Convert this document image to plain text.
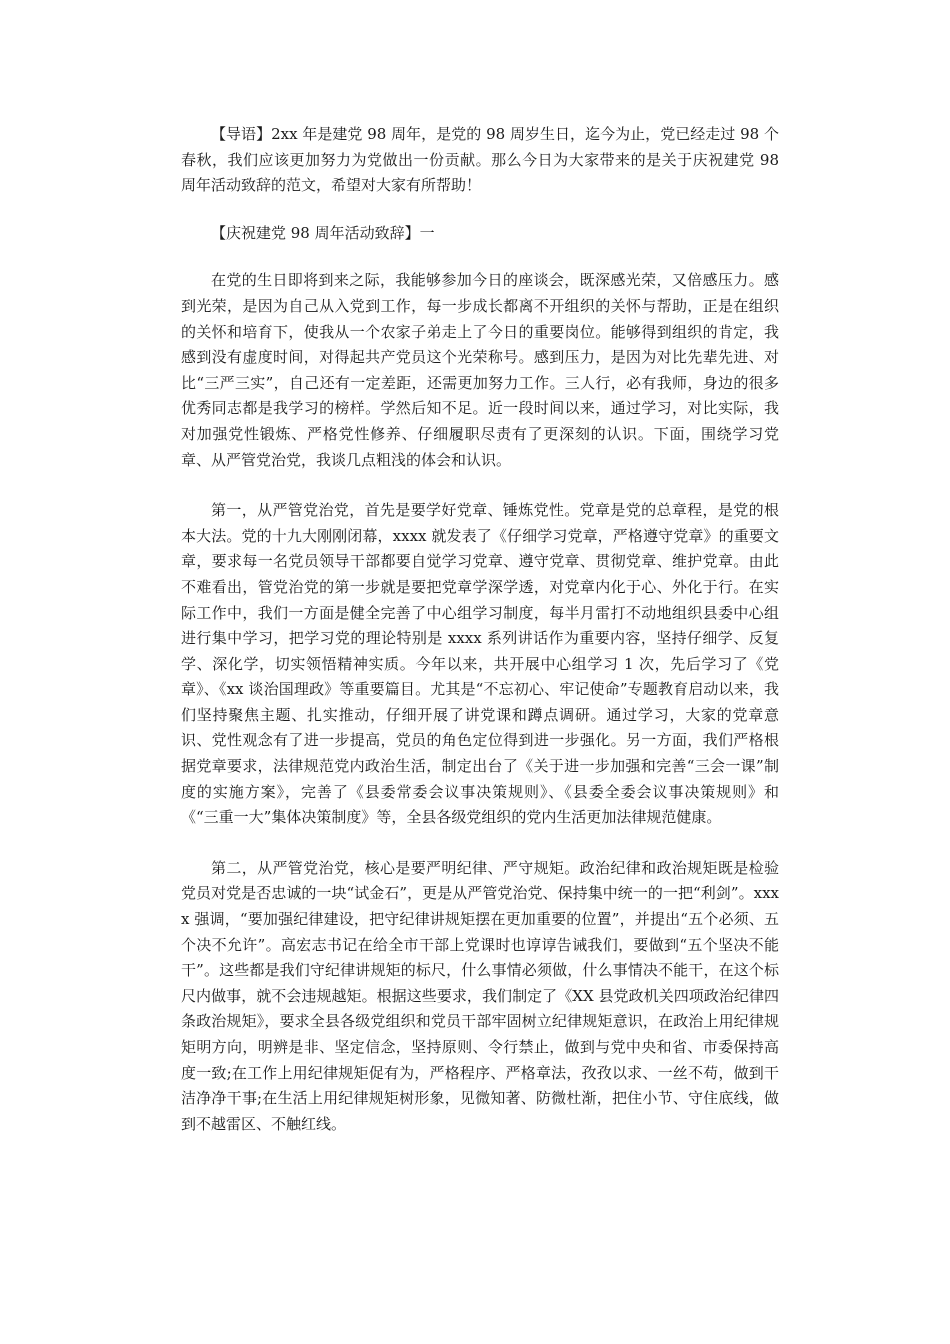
【导语】2xx 年是建党 98 周年，是党的 98 周岁生日，迄今为止，党已经走过 98 个春秋，我们应该更加努力为党做出一份贡献。那么今日为大家带来的是关于庆祝建党 98 周年活动致辞的范文，希望对大家有所帮助！

【庆祝建党 98 周年活动致辞】一

在党的生日即将到来之际，我能够参加今日的座谈会，既深感光荣，又倍感压力。感到光荣，是因为自己从入党到工作，每一步成长都离不开组织的关怀与帮助，正是在组织的关怀和培育下，使我从一个农家子弟走上了今日的重要岗位。能够得到组织的肯定，我感到没有虚度时间，对得起共产党员这个光荣称号。感到压力，是因为对比先辈先进、对比“三严三实”，自己还有一定差距，还需更加努力工作。三人行，必有我师，身边的很多优秀同志都是我学习的榜样。学然后知不足。近一段时间以来，通过学习，对比实际，我对加强党性锻炼、严格党性修养、仔细履职尽责有了更深刻的认识。下面，围绕学习党章、从严管党治党，我谈几点粗浅的体会和认识。

第一，从严管党治党，首先是要学好党章、锤炼党性。党章是党的总章程，是党的根本大法。党的十九大刚刚闭幕，xxxx 就发表了《仔细学习党章，严格遵守党章》的重要文章，要求每一名党员领导干部都要自觉学习党章、遵守党章、贯彻党章、维护党章。由此不难看出，管党治党的第一步就是要把党章学深学透，对党章内化于心、外化于行。在实际工作中，我们一方面是健全完善了中心组学习制度，每半月雷打不动地组织县委中心组进行集中学习，把学习党的理论特别是 xxxx 系列讲话作为重要内容，坚持仔细学、反复学、深化学，切实领悟精神实质。今年以来，共开展中心组学习 1 次，先后学习了《党章》、《xx 谈治国理政》等重要篇目。尤其是“不忘初心、牢记使命”专题教育启动以来，我们坚持聚焦主题、扎实推动，仔细开展了讲党课和蹲点调研。通过学习，大家的党章意识、党性观念有了进一步提高，党员的角色定位得到进一步强化。另一方面，我们严格根据党章要求，法律规范党内政治生活，制定出台了《关于进一步加强和完善“三会一课”制度的实施方案》，完善了《县委常委会议事决策规则》、《县委全委会议事决策规则》和《“三重一大”集体决策制度》等，全县各级党组织的党内生活更加法律规范健康。

第二，从严管党治党，核心是要严明纪律、严守规矩。政治纪律和政治规矩既是检验党员对党是否忠诚的一块“试金石”，更是从严管党治党、保持集中统一的一把“利剑”。xxxx 强调，“要加强纪律建设，把守纪律讲规矩摆在更加重要的位置”，并提出“五个必须、五个决不允许”。高宏志书记在给全市干部上党课时也谆谆告诫我们，要做到“五个坚决不能干”。这些都是我们守纪律讲规矩的标尺，什么事情必须做，什么事情决不能干，在这个标尺内做事，就不会违规越矩。根据这些要求，我们制定了《XX 县党政机关四项政治纪律四条政治规矩》，要求全县各级党组织和党员干部牢固树立纪律规矩意识，在政治上用纪律规矩明方向，明辨是非、坚定信念，坚持原则、令行禁止，做到与党中央和省、市委保持高度一致;在工作上用纪律规矩促有为，严格程序、严格章法，孜孜以求、一丝不苟，做到干洁净净干事;在生活上用纪律规矩树形象，见微知著、防微杜渐，把住小节、守住底线，做到不越雷区、不触红线。
